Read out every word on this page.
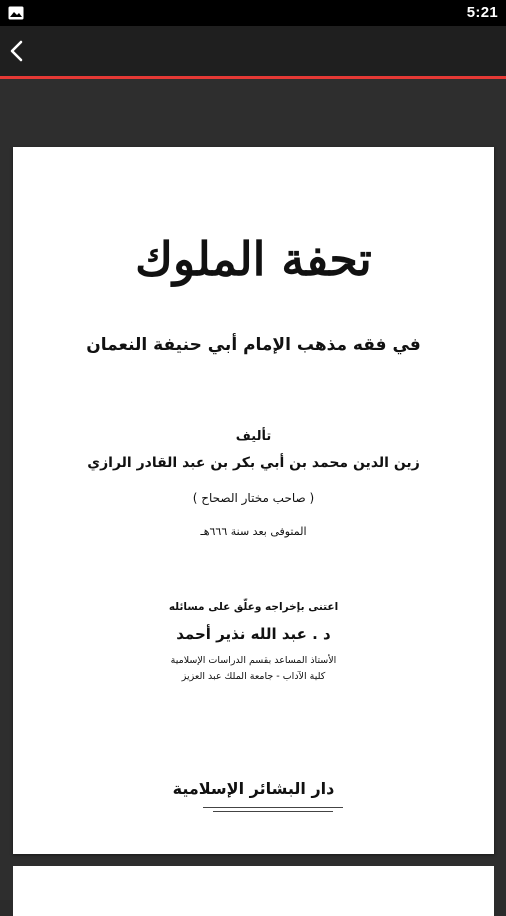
5:21
تحفة الملوك
في فقه مذهب الإمام أبي حنيفة النعمان
تأليف
زين الدين محمد بن أبي بكر بن عبد القادر الرازي
( صاحب مختار الصحاح )
المتوفى بعد سنة ٦٦٦هـ
اعتنى بإخراجه وعلّق على مسائله
د . عبد الله نذير أحمد
الأستاذ المساعد بقسم الدراسات الإسلامية
كلية الآداب - جامعة الملك عبد العزيز
دار البشائر الإسلامية
